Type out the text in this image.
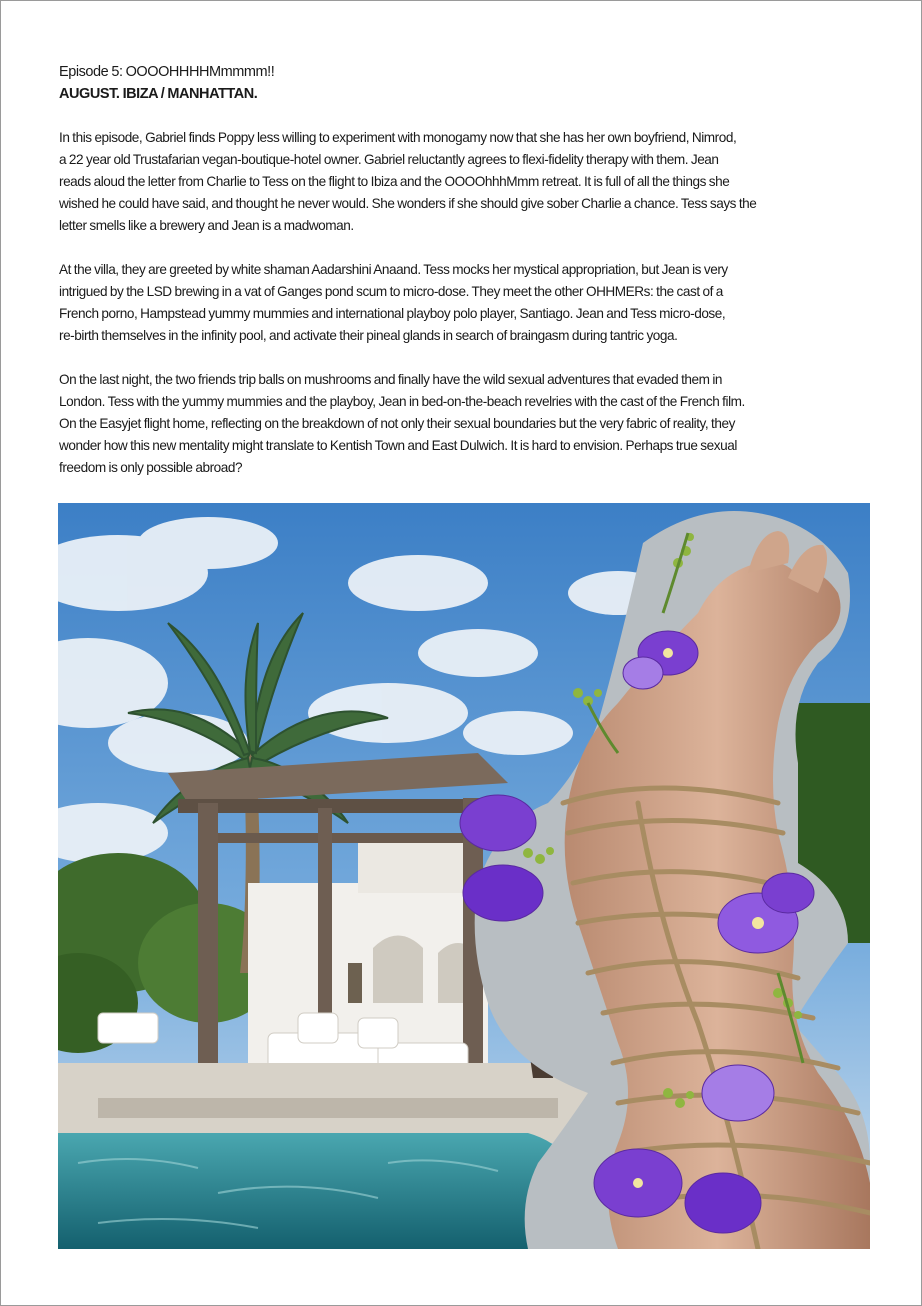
Episode 5: OOOOHHHHMmmmm!!
AUGUST. IBIZA / MANHATTAN.

In this episode, Gabriel finds Poppy less willing to experiment with monogamy now that she has her own boyfriend, Nimrod,
a 22 year old Trustafarian vegan-boutique-hotel owner. Gabriel reluctantly agrees to flexi-fidelity therapy with them. Jean
reads aloud the letter from Charlie to Tess on the flight to Ibiza and the OOOOhhhMmm retreat. It is full of all the things she
wished he could have said, and thought he never would. She wonders if she should give sober Charlie a chance. Tess says the
letter smells like a brewery and Jean is a madwoman.

At the villa, they are greeted by white shaman Aadarshini Anaand. Tess mocks her mystical appropriation, but Jean is very
intrigued by the LSD brewing in a vat of Ganges pond scum to micro-dose. They meet the other OHHMERs: the cast of a
French porno, Hampstead yummy mummies and international playboy polo player, Santiago. Jean and Tess micro-dose,
re-birth themselves in the infinity pool, and activate their pineal glands in search of braingasm during tantric yoga.

On the last night, the two friends trip balls on mushrooms and finally have the wild sexual adventures that evaded them in
London. Tess with the yummy mummies and the playboy, Jean in bed-on-the-beach revelries with the cast of the French film.
On the Easyjet flight home, reflecting on the breakdown of not only their sexual boundaries but the very fabric of reality, they
wonder how this new mentality might translate to Kentish Town and East Dulwich. It is hard to envision. Perhaps true sexual
freedom is only possible abroad?
